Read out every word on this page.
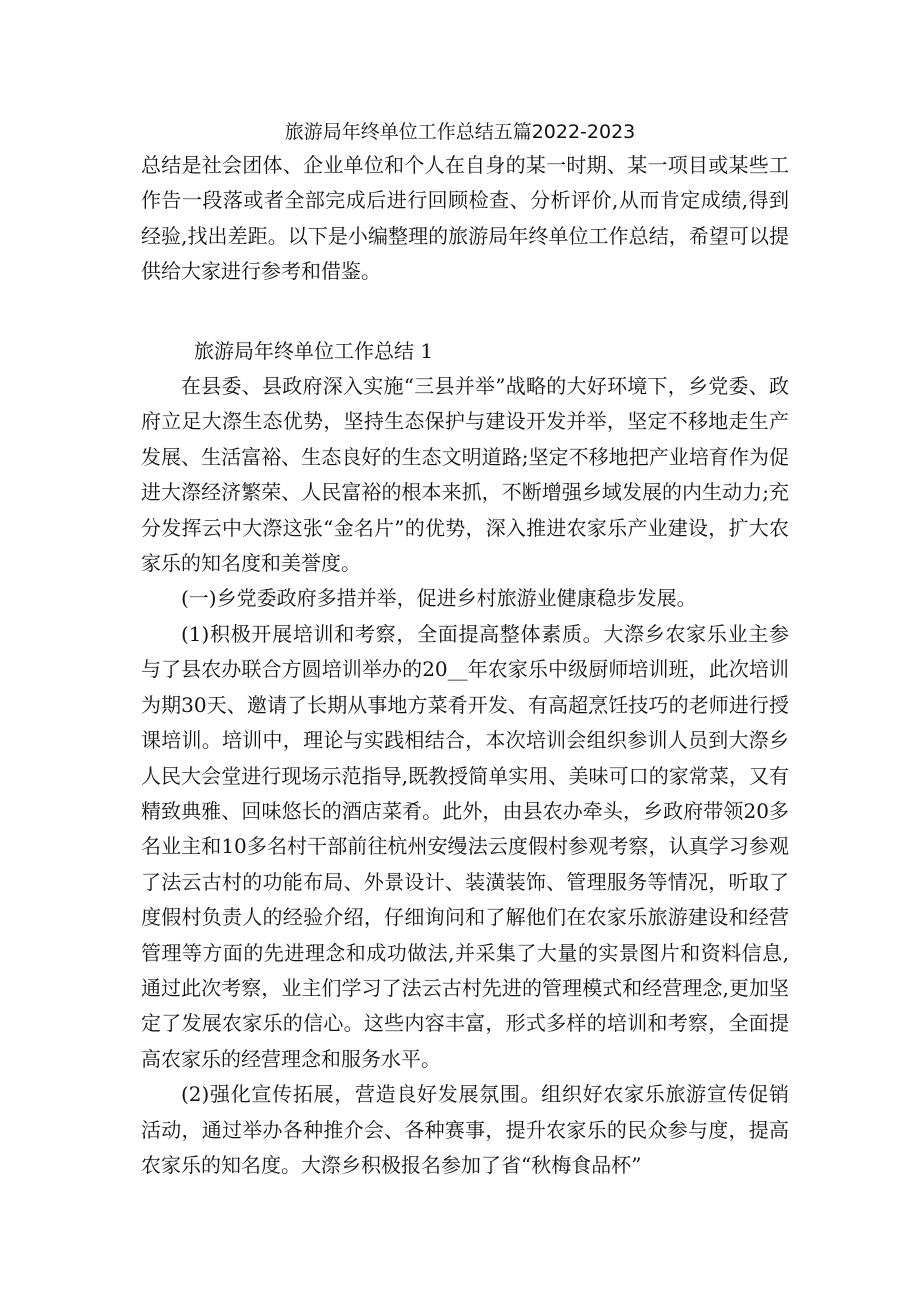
旅游局年终单位工作总结五篇2022-2023

总结是社会团体、企业单位和个人在自身的某一时期、某一项目或某些工作告一段落或者全部完成后进行回顾检查、分析评价,从而肯定成绩,得到经验,找出差距。以下是小编整理的旅游局年终单位工作总结，希望可以提供给大家进行参考和借鉴。

旅游局年终单位工作总结 1

在县委、县政府深入实施“三县并举”战略的大好环境下，乡党委、政府立足大漈生态优势，坚持生态保护与建设开发并举，坚定不移地走生产发展、生活富裕、生态良好的生态文明道路;坚定不移地把产业培育作为促进大漈经济繁荣、人民富裕的根本来抓，不断增强乡域发展的内生动力;充分发挥云中大漈这张“金名片”的优势，深入推进农家乐产业建设，扩大农家乐的知名度和美誉度。

(一)乡党委政府多措并举，促进乡村旅游业健康稳步发展。

(1)积极开展培训和考察，全面提高整体素质。大漈乡农家乐业主参与了县农办联合方圆培训举办的20__年农家乐中级厨师培训班，此次培训为期30天、邀请了长期从事地方菜肴开发、有高超烹饪技巧的老师进行授课培训。培训中，理论与实践相结合，本次培训会组织参训人员到大漈乡人民大会堂进行现场示范指导,既教授简单实用、美味可口的家常菜，又有精致典雅、回味悠长的酒店菜肴。此外，由县农办牵头，乡政府带领20多名业主和10多名村干部前往杭州安缦法云度假村参观考察，认真学习参观了法云古村的功能布局、外景设计、装潢装饰、管理服务等情况，听取了度假村负责人的经验介绍，仔细询问和了解他们在农家乐旅游建设和经营管理等方面的先进理念和成功做法,并采集了大量的实景图片和资料信息,通过此次考察，业主们学习了法云古村先进的管理模式和经营理念,更加坚定了发展农家乐的信心。这些内容丰富，形式多样的培训和考察，全面提高农家乐的经营理念和服务水平。

(2)强化宣传拓展，营造良好发展氛围。组织好农家乐旅游宣传促销活动，通过举办各种推介会、各种赛事，提升农家乐的民众参与度，提高农家乐的知名度。大漈乡积极报名参加了省“秋梅食品杯”
